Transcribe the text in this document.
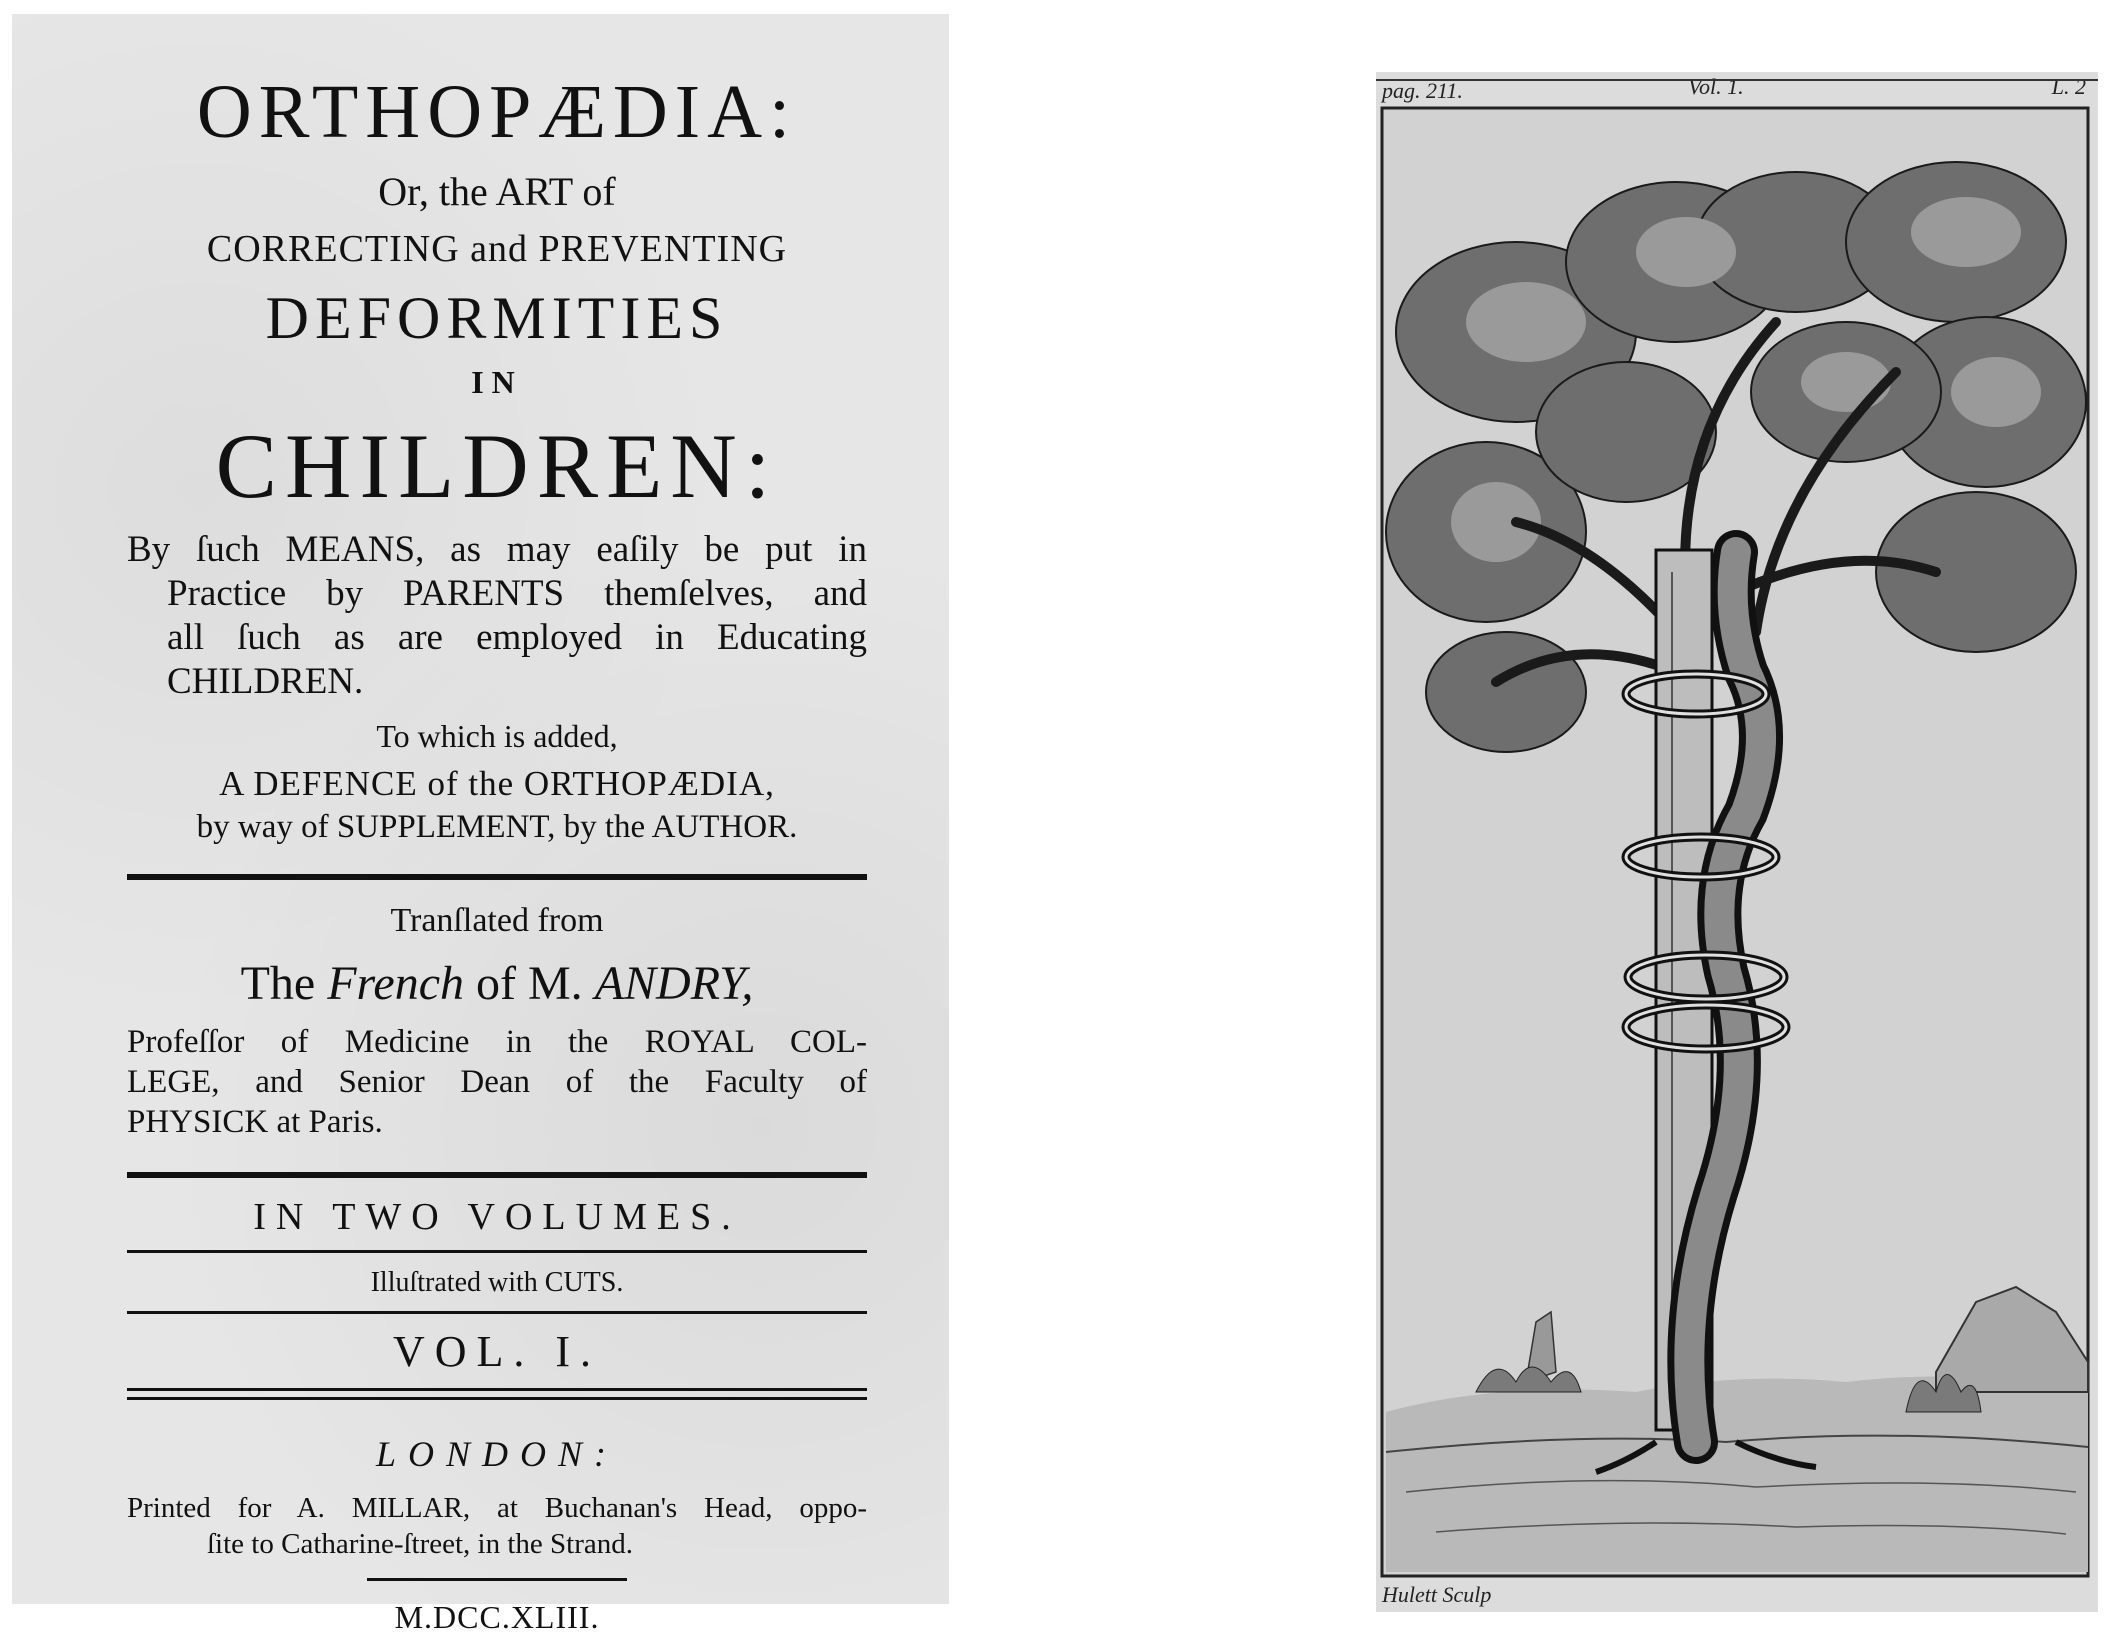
ORTHOPÆDIA:
Or, the ART of
CORRECTING and PREVENTING
DEFORMITIES
IN
CHILDREN:
By ſuch MEANS, as may eaſily be put in
Practice by PARENTS themſelves, and
all ſuch as are employed in Educating
CHILDREN.
To which is added,
A DEFENCE of the ORTHOPÆDIA,
by way of SUPPLEMENT, by the AUTHOR.
Tranſlated from
The French of M. ANDRY,
Profeſſor of Medicine in the ROYAL COL-
LEGE, and Senior Dean of the Faculty of
PHYSICK at Paris.
IN TWO VOLUMES.
Illuſtrated with CUTS.
VOL. I.
LONDON:
Printed for A. MILLAR, at Buchanan's Head, oppo-
ſite to Catharine-ſtreet, in the Strand.
M.DCC.XLIII.
pag. 211.	Vol. 1.	L. 2
Hulett Sculp
